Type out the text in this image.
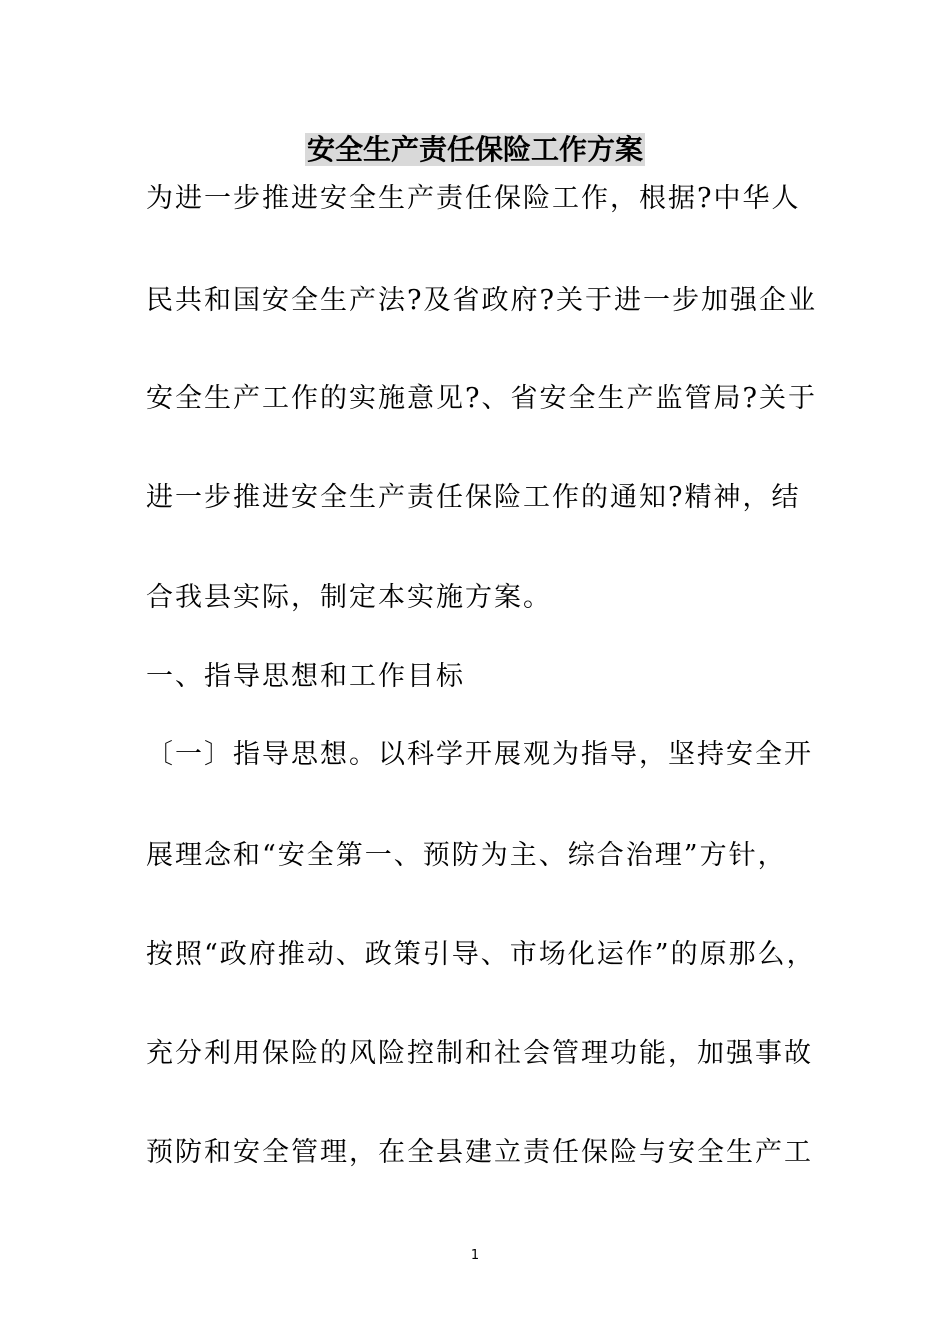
安全生产责任保险工作方案
为进一步推进安全生产责任保险工作，根据?中华人
民共和国安全生产法?及省政府?关于进一步加强企业
安全生产工作的实施意见?、省安全生产监管局?关于
进一步推进安全生产责任保险工作的通知?精神，结
合我县实际，制定本实施方案。
一、指导思想和工作目标
〔一〕指导思想。以科学开展观为指导，坚持安全开
展理念和“安全第一、预防为主、综合治理”方针，
按照“政府推动、政策引导、市场化运作”的原那么，
充分利用保险的风险控制和社会管理功能，加强事故
预防和安全管理，在全县建立责任保险与安全生产工
1
